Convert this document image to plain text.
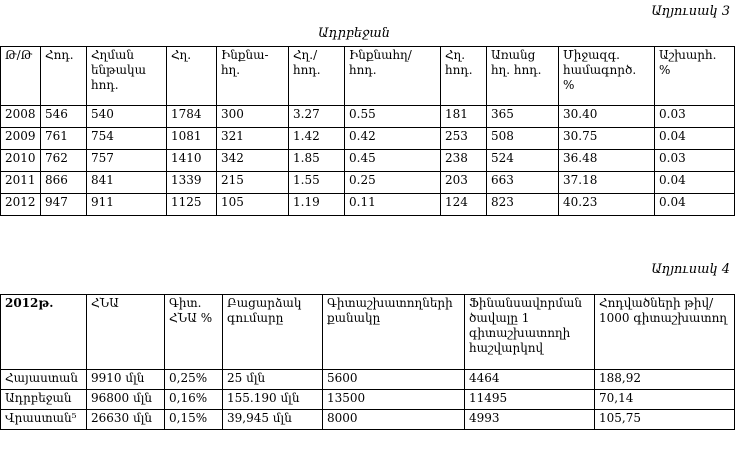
Աղյուսակ 3
Ադրբեջան
Թ/Թ	Հոդ.	Հղման ենթակա հոդ.	Հղ.	Ինքնա- հղ.	Հղ./ հոդ.	Ինքնահղ/ հոդ.	Հղ. հոդ.	Առանց հղ. հոդ.	Միջազգ. համագործ. %	Աշխարհ. %
2008	546	540	1784	300	3.27	0.55	181	365	30.40	0.03
2009	761	754	1081	321	1.42	0.42	253	508	30.75	0.04
2010	762	757	1410	342	1.85	0.45	238	524	36.48	0.03
2011	866	841	1339	215	1.55	0.25	203	663	37.18	0.04
2012	947	911	1125	105	1.19	0.11	124	823	40.23	0.04
Աղյուսակ 4
2012թ.	ՀՆԱ	Գիտ. ՀՆԱ %	Բացարձակ գումարը	Գիտաշխատողների քանակը	Ֆինանսավորման ծավալը 1 գիտաշխատողի հաշվարկով	Հոդվածների թիվ/ 1000 գիտաշխատող
Հայաստան	9910 մլն	0,25%	25 մլն	5600	4464	188,92
Ադրբեջան	96800 մլն	0,16%	155.190 մլն	13500	11495	70,14
Վրաստան⁵	26630 մլն	0,15%	39,945 մլն	8000	4993	105,75
